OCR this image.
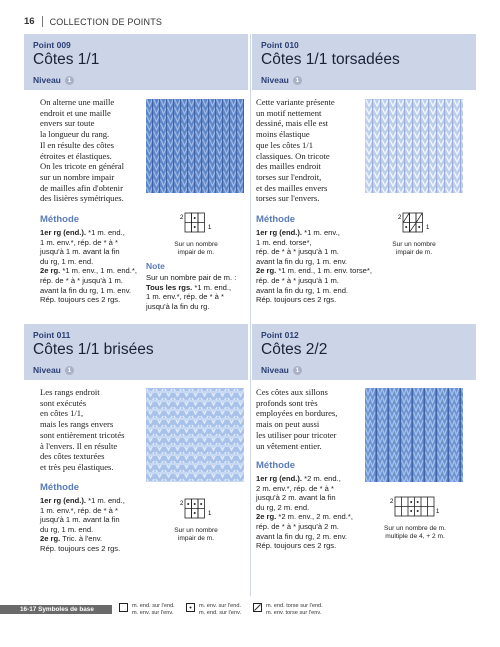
16	COLLECTION DE POINTS
Point 009
Côtes 1/1
Niveau	1
On alterne une maille
endroit et une maille
envers sur toute
la longueur du rang.
Il en résulte des côtes
étroites et élastiques.
On les tricote en général
sur un nombre impair
de mailles afin d'obtenir
des lisières symétriques.
Méthode
1er rg (end.). *1 m. end.,
1 m. env.*, rép. de * à *
jusqu'à 1 m. avant la fin
du rg, 1 m. end.
2e rg. *1 m. env., 1 m. end.*,
rép. de * à * jusqu'à 1 m.
avant la fin du rg, 1 m. env.
Rép. toujours ces 2 rgs.
2
1
Sur un nombre
impair de m.
Note
Sur un nombre pair de m. :
Tous les rgs. *1 m. end.,
1 m. env.*, rép. de * à *
jusqu'à la fin du rg.
Point 010
Côtes 1/1 torsadées
Niveau	1
Cette variante présente
un motif nettement
dessiné, mais elle est
moins élastique
que les côtes 1/1
classiques. On tricote
des mailles endroit
torses sur l'endroit,
et des mailles envers
torses sur l'envers.
Méthode
1er rg (end.). *1 m. env.,
1 m. end. torse*,
rép. de * à * jusqu'à 1 m.
avant la fin du rg, 1 m. env.
2e rg. *1 m. end., 1 m. env. torse*,
rép. de * à * jusqu'à 1 m.
avant la fin du rg, 1 m. end.
Rép. toujours ces 2 rgs.
2
1
Sur un nombre
impair de m.
Point 011
Côtes 1/1 brisées
Niveau	1
Les rangs endroit
sont exécutés
en côtes 1/1,
mais les rangs envers
sont entièrement tricotés
à l'envers. Il en résulte
des côtes texturées
et très peu élastiques.
Méthode
1er rg (end.). *1 m. end.,
1 m. env.*, rép. de * à *
jusqu'à 1 m. avant la fin
du rg, 1 m. end.
2e rg. Tric. à l'env.
Rép. toujours ces 2 rgs.
2
1
Sur un nombre
impair de m.
Point 012
Côtes 2/2
Niveau	1
Ces côtes aux sillons
profonds sont très
employées en bordures,
mais on peut aussi
les utiliser pour tricoter
un vêtement entier.
Méthode
1er rg (end.). *2 m. end.,
2 m. env.*, rép. de * à *
jusqu'à 2 m. avant la fin
du rg, 2 m. end.
2e rg. *2 m. env., 2 m. end.*,
rép. de * à * jusqu'à 2 m.
avant la fin du rg, 2 m. env.
Rép. toujours ces 2 rgs.
2
1
Sur un nombre de m.
multiple de 4, + 2 m.
16-17 Symboles de base	m. end. sur l'end.
m. env. sur l'env.
m. env. sur l'end.
m. end. sur l'env.
m. end. torse sur l'end.
m. env. torse sur l'env.
